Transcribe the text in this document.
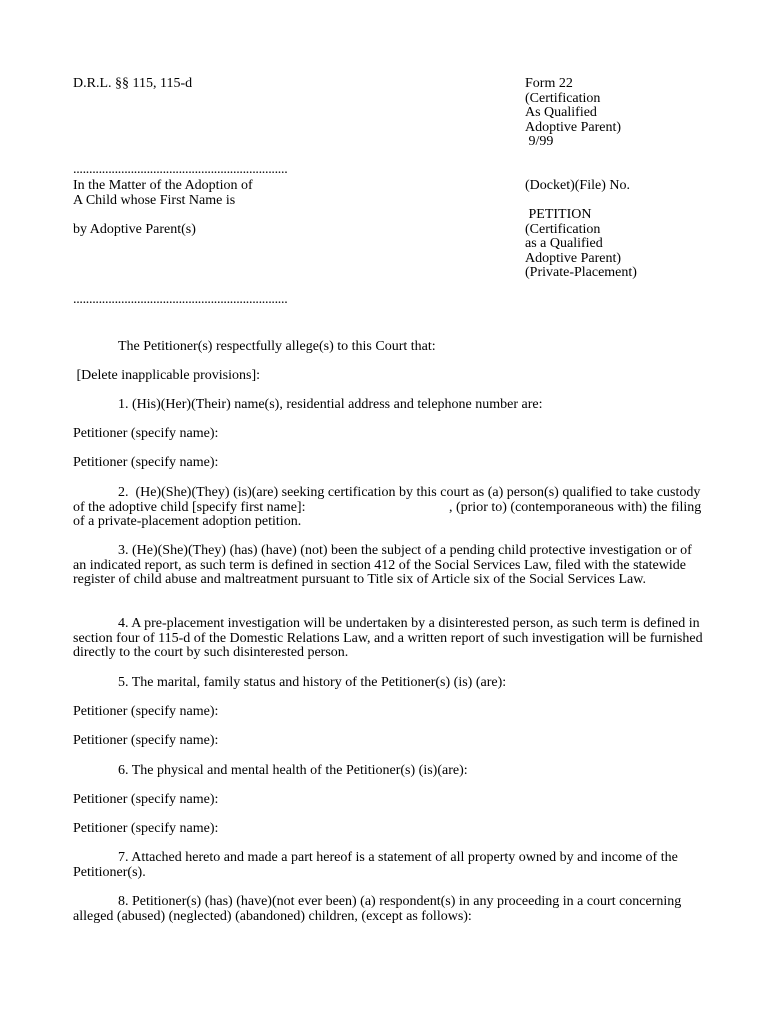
D.R.L. §§ 115, 115-d	Form 22
(Certification
As Qualified
Adoptive Parent)
9/99
...................................................................
In the Matter of the Adoption of
A Child whose First Name is
by Adoptive Parent(s)
...................................................................
(Docket)(File) No.
PETITION
(Certification
as a Qualified
Adoptive Parent)
(Private-Placement)

The Petitioner(s) respectfully allege(s) to this Court that:

[Delete inapplicable provisions]:

1. (His)(Her)(Their) name(s), residential address and telephone number are:

Petitioner (specify name):

Petitioner (specify name):

2.  (He)(She)(They) (is)(are) seeking certification by this court as (a) person(s) qualified to take custody of the adoptive child [specify first name]:                                         , (prior to) (contemporaneous with) the filing of a private-placement adoption petition.

3. (He)(She)(They) (has) (have) (not) been the subject of a pending child protective investigation or of an indicated report, as such term is defined in section 412 of the Social Services Law, filed with the statewide register of child abuse and maltreatment pursuant to Title six of Article six of the Social Services Law.

4. A pre-placement investigation will be undertaken by a disinterested person, as such term is defined in section four of 115-d of the Domestic Relations Law, and a written report of such investigation will be furnished directly to the court by such disinterested person.

5. The marital, family status and history of the Petitioner(s) (is) (are):

Petitioner (specify name):

Petitioner (specify name):

6. The physical and mental health of the Petitioner(s) (is)(are):

Petitioner (specify name):

Petitioner (specify name):

7. Attached hereto and made a part hereof is a statement of all property owned by and income of the Petitioner(s).

8. Petitioner(s) (has) (have)(not ever been) (a) respondent(s) in any proceeding in a court concerning alleged (abused) (neglected) (abandoned) children, (except as follows):
